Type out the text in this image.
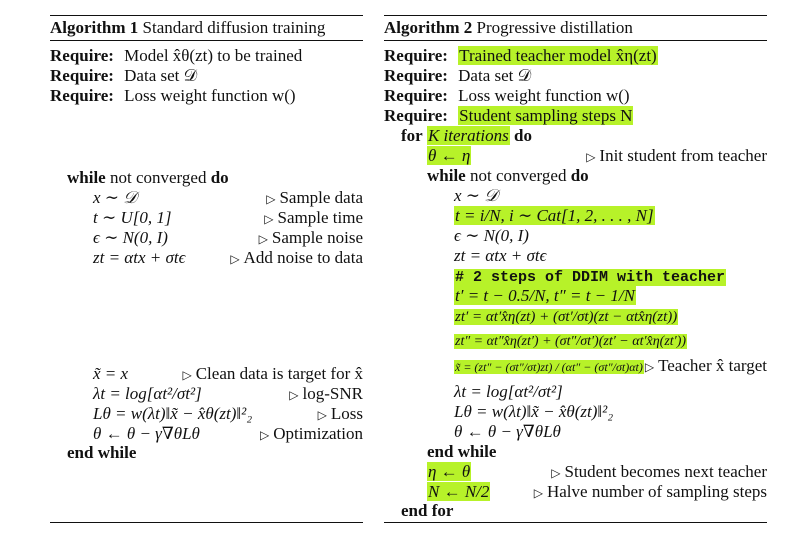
Algorithm 1 Standard diffusion training
Require: Model x̂θ(zt) to be trained
Require: Data set 𝒟
Require: Loss weight function w()
while not converged do
x ∼ 𝒟	▷ Sample data
t ∼ U[0, 1]	▷ Sample time
ϵ ∼ N(0, I)	▷ Sample noise
zt = αtx + σtϵ	▷ Add noise to data
x̃ = x	▷ Clean data is target for x̂
λt = log[αt²/σt²]	▷ log-SNR
Lθ = w(λt)‖x̃ − x̂θ(zt)‖²₂	▷ Loss
θ ← θ − γ∇θLθ	▷ Optimization
end while
Algorithm 2 Progressive distillation
Require: Trained teacher model x̂η(zt)
Require: Data set 𝒟
Require: Loss weight function w()
Require: Student sampling steps N
for K iterations do
θ ← η	▷ Init student from teacher
while not converged do
x ∼ 𝒟
t = i/N, i ∼ Cat[1, 2, . . . , N]
ϵ ∼ N(0, I)
zt = αtx + σtϵ
# 2 steps of DDIM with teacher
t′ = t − 0.5/N, t″ = t − 1/N
zt′ = αt′x̂η(zt) + (σt′/σt)(zt − αtx̂η(zt))
zt″ = αt″x̂η(zt′) + (σt″/σt′)(zt′ − αt′x̂η(zt′))
x̃ = (zt″ − (σt″/σt)zt) / (αt″ − (σt″/σt)αt) ▷ Teacher x̂ target
λt = log[αt²/σt²]
Lθ = w(λt)‖x̃ − x̂θ(zt)‖²₂
θ ← θ − γ∇θLθ
end while
η ← θ	▷ Student becomes next teacher
N ← N/2	▷ Halve number of sampling steps
end for
